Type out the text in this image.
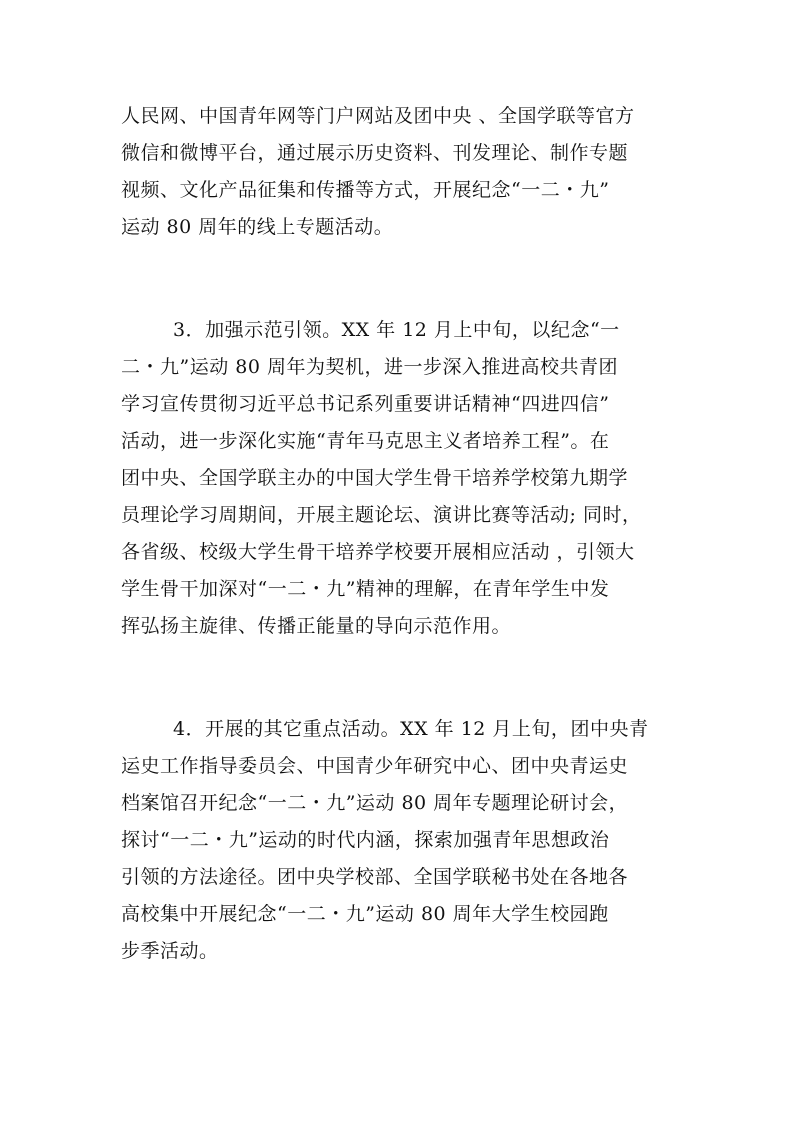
人民网、中国青年网等门户网站及团中央 、全国学联等官方
微信和微博平台，通过展示历史资料、刊发理论、制作专题
视频、文化产品征集和传播等方式，开展纪念“一二・九”
运动 80 周年的线上专题活动。
3．加强示范引领。XX 年 12 月上中旬，以纪念“一
二・九”运动 80 周年为契机，进一步深入推进高校共青团
学习宣传贯彻习近平总书记系列重要讲话精神“四进四信”
活动，进一步深化实施“青年马克思主义者培养工程”。在
团中央、全国学联主办的中国大学生骨干培养学校第九期学
员理论学习周期间，开展主题论坛、演讲比赛等活动; 同时，
各省级、校级大学生骨干培养学校要开展相应活动 ，引领大
学生骨干加深对“一二・九”精神的理解，在青年学生中发
挥弘扬主旋律、传播正能量的导向示范作用。
4．开展的其它重点活动。XX 年 12 月上旬，团中央青
运史工作指导委员会、中国青少年研究中心、团中央青运史
档案馆召开纪念“一二・九”运动 80 周年专题理论研讨会，
探讨“一二・九”运动的时代内涵，探索加强青年思想政治
引领的方法途径。团中央学校部、全国学联秘书处在各地各
高校集中开展纪念“一二・九”运动 80 周年大学生校园跑
步季活动。
